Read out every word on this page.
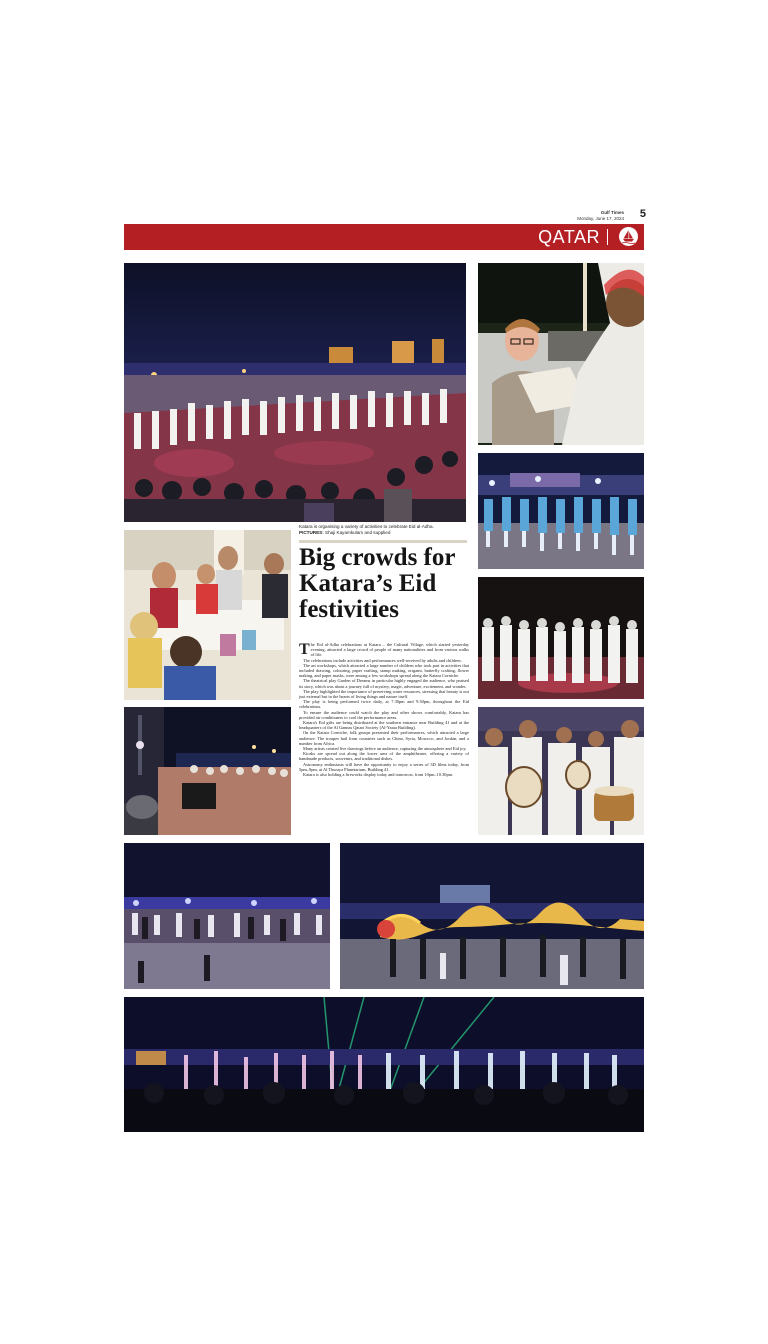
Gulf Times
Monday, June 17, 2024	5
QATAR
Katara is organising a variety of activities to celebrate Eid al-Adha.
PICTURES: Shaji Kayamkulam and supplied
Big crowds for Katara’s Eid festivities

The Eid al-Adha celebrations at Katara – the Cultural Village, which started yesterday evening, attracted a large crowd of people of many nationalities and from various walks of life.

The celebrations include activities and performances well-received by adults and children.

The art workshops, which attracted a large number of children who took part in activities that included drawing, colouring, paper crafting, stamp making, origami, butterfly crafting, flower making, and paper masks, were among a few workshops spread along the Katara Corniche.

The theatrical play Garden of Dreams in particular highly engaged the audience, who praised its story, which was about a journey full of mystery, magic, adventure, excitement, and wonder.

The play highlighted the importance of preserving water resources, stressing that beauty is not just external but in the hearts of living things and nature itself.

The play is being performed twice daily, at 7.30pm and 9.30pm, throughout the Eid celebrations.

To ensure the audience could watch the play and other shows comfortably, Katara has provided air conditioners to cool the performance areas.

Katara's Eid gifts are being distributed at the southern entrance near Building 41 and at the headquarters of the Al Gannas Qatari Society (Al-Yaraa Building).

On the Katara Corniche, folk groups presented their performances, which attracted a large audience. The troupes hail from countries such as China, Syria, Morocco, and Jordan, and a number from Africa.

Many artists created live drawings before an audience, capturing the atmosphere and Eid joy.

Kiosks are spread out along the lower area of the amphitheatre, offering a variety of handmade products, souvenirs, and traditional dishes.

Astronomy enthusiasts will have the opportunity to enjoy a series of 3D films today, from 5pm–9pm, at Al Thuraya Planetarium, Building 41.

Katara is also holding a fireworks display today and tomorrow, from 10pm–10.30pm.
